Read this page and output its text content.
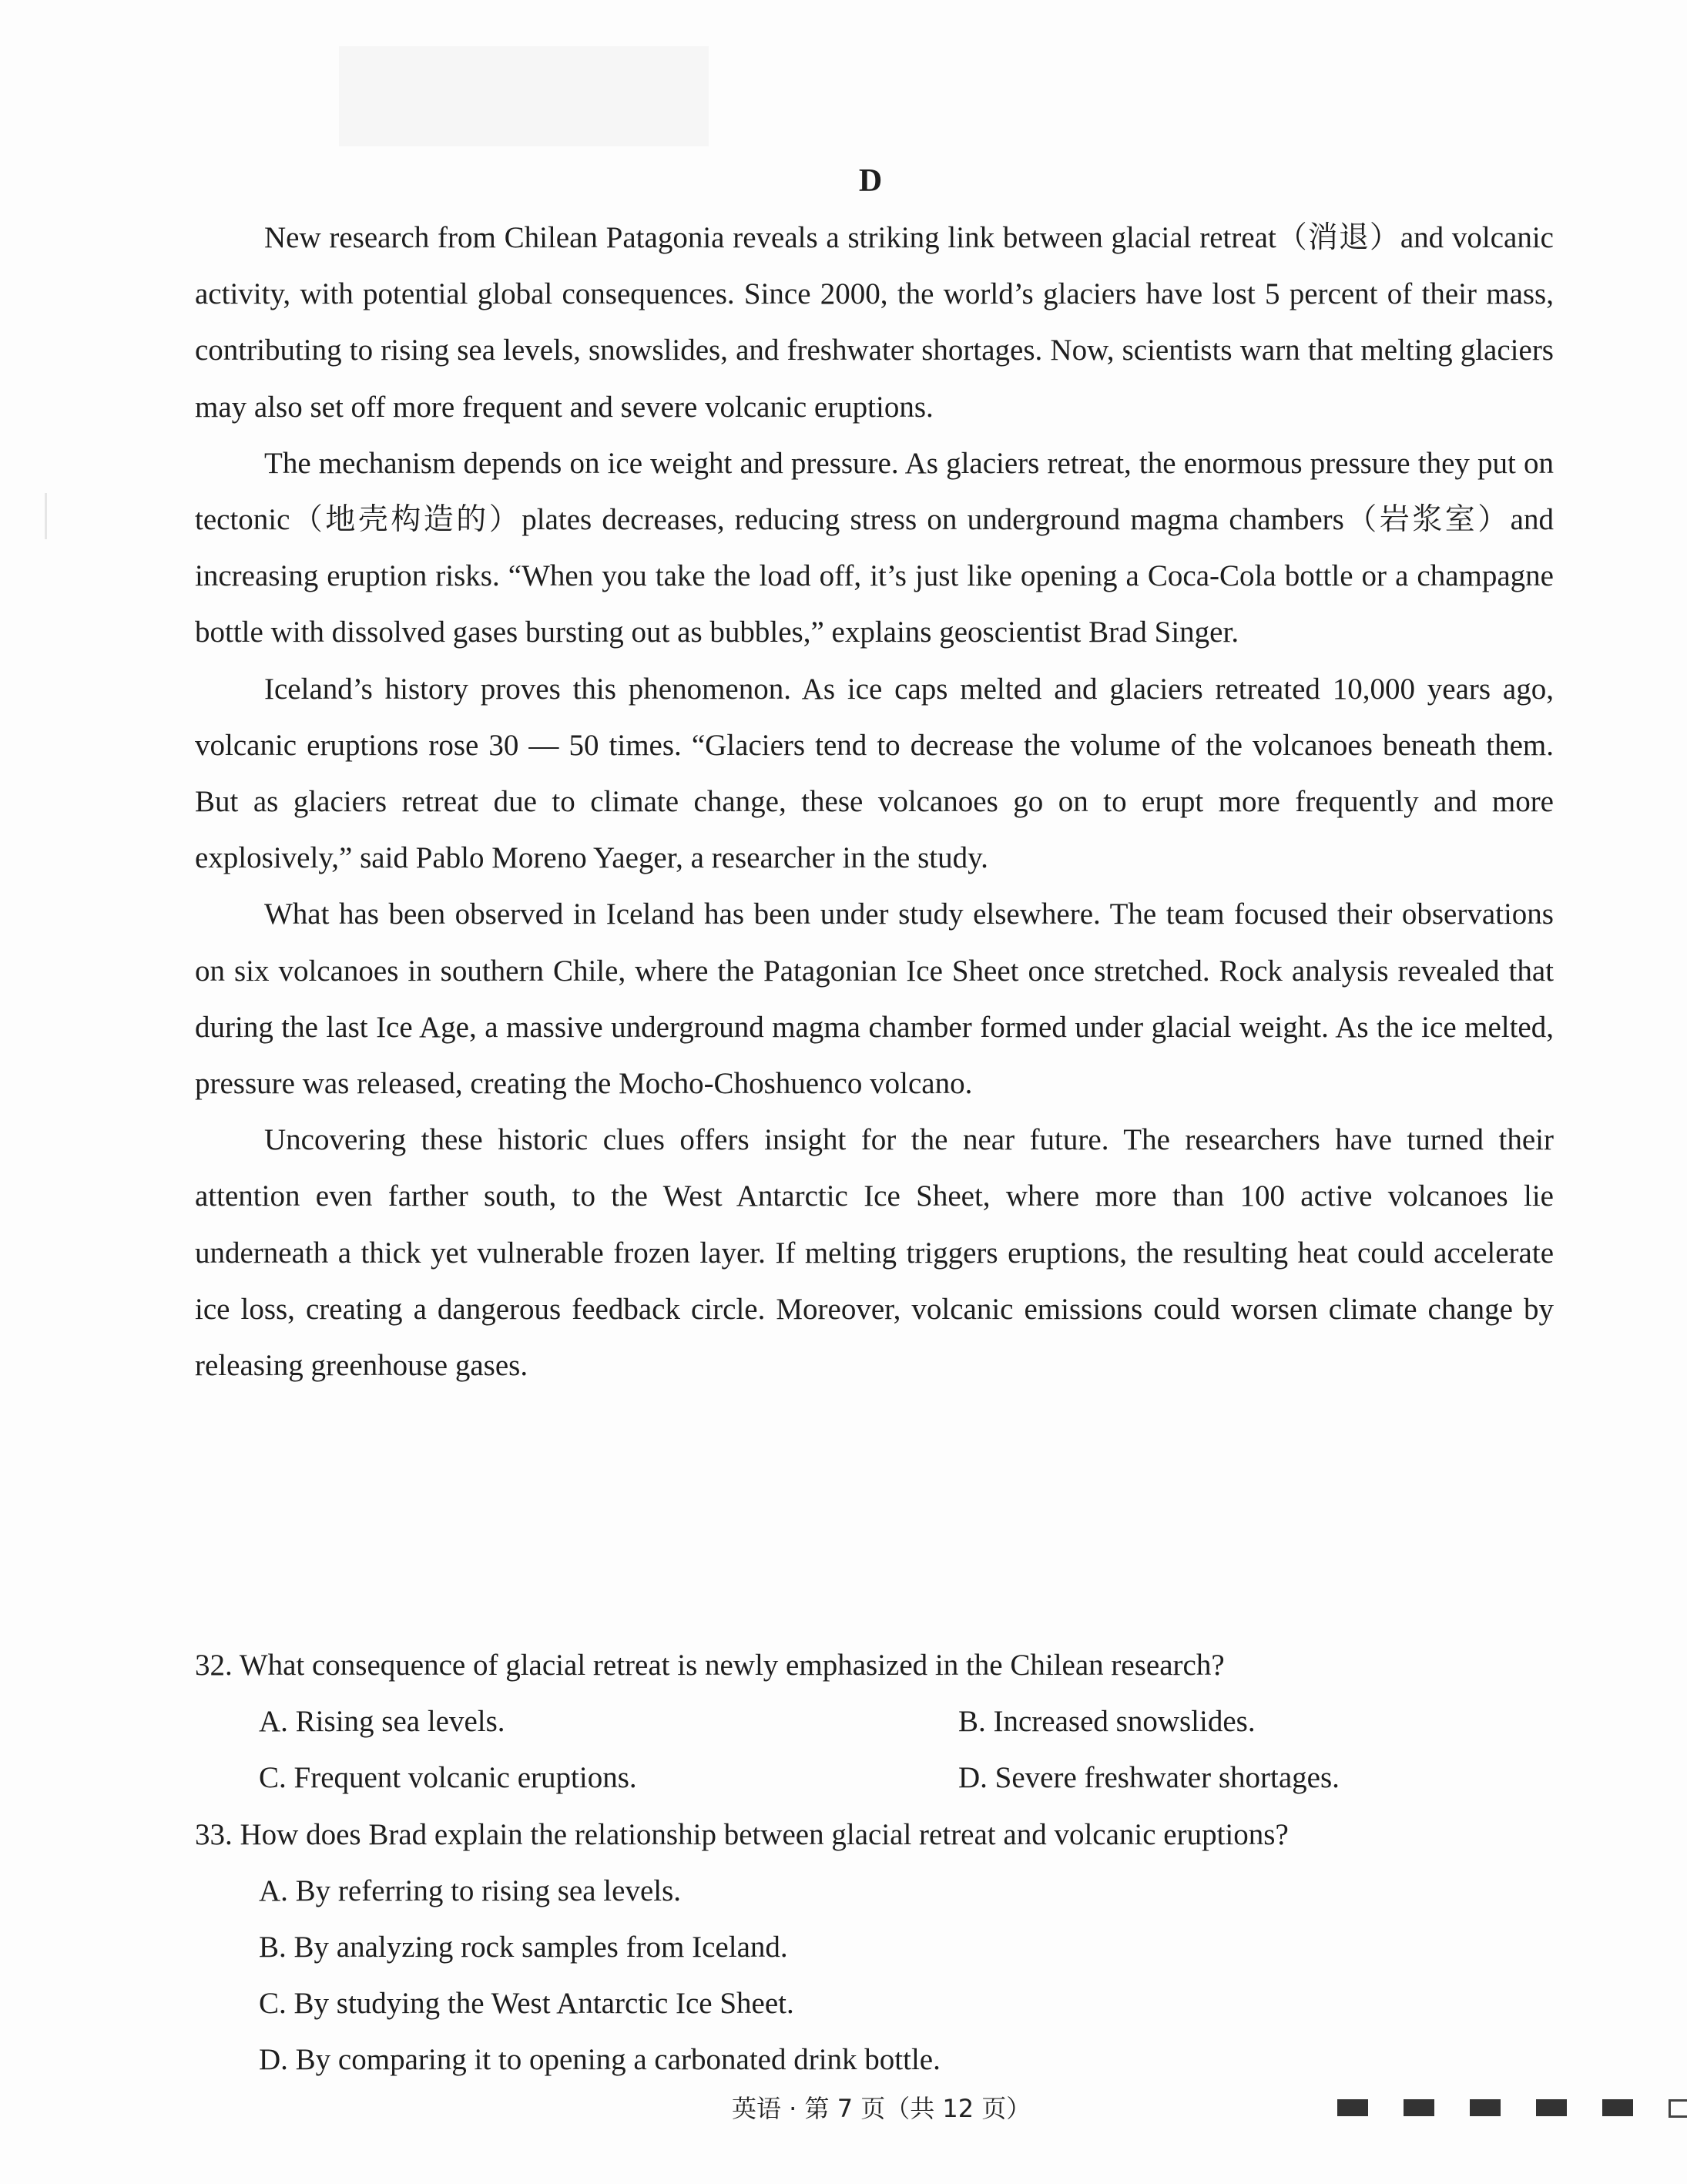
D

New research from Chilean Patagonia reveals a striking link between glacial retreat（消退）and volcanic activity, with potential global consequences. Since 2000, the world’s glaciers have lost 5 percent of their mass, contributing to rising sea levels, snowslides, and freshwater shortages. Now, scientists warn that melting glaciers may also set off more frequent and severe volcanic eruptions.

The mechanism depends on ice weight and pressure. As glaciers retreat, the enormous pressure they put on tectonic（地壳构造的）plates decreases, reducing stress on underground magma chambers（岩浆室）and increasing eruption risks. “When you take the load off, it’s just like opening a Coca-Cola bottle or a champagne bottle with dissolved gases bursting out as bubbles,” explains geoscientist Brad Singer.

Iceland’s history proves this phenomenon. As ice caps melted and glaciers retreated 10,000 years ago, volcanic eruptions rose 30 — 50 times. “Glaciers tend to decrease the volume of the volcanoes beneath them. But as glaciers retreat due to climate change, these volcanoes go on to erupt more frequently and more explosively,” said Pablo Moreno Yaeger, a researcher in the study.

What has been observed in Iceland has been under study elsewhere. The team focused their observations on six volcanoes in southern Chile, where the Patagonian Ice Sheet once stretched. Rock analysis revealed that during the last Ice Age, a massive underground magma chamber formed under glacial weight. As the ice melted, pressure was released, creating the Mocho-Choshuenco volcano.

Uncovering these historic clues offers insight for the near future. The researchers have turned their attention even farther south, to the West Antarctic Ice Sheet, where more than 100 active volcanoes lie underneath a thick yet vulnerable frozen layer. If melting triggers eruptions, the resulting heat could accelerate ice loss, creating a dangerous feedback circle. Moreover, volcanic emissions could worsen climate change by releasing greenhouse gases.

32. What consequence of glacial retreat is newly emphasized in the Chilean research?

A. Rising sea levels.	B. Increased snowslides.
C. Frequent volcanic eruptions.	D. Severe freshwater shortages.

33. How does Brad explain the relationship between glacial retreat and volcanic eruptions?

A. By referring to rising sea levels.
B. By analyzing rock samples from Iceland.
C. By studying the West Antarctic Ice Sheet.
D. By comparing it to opening a carbonated drink bottle.
英语 · 第 7 页（共 12 页）
